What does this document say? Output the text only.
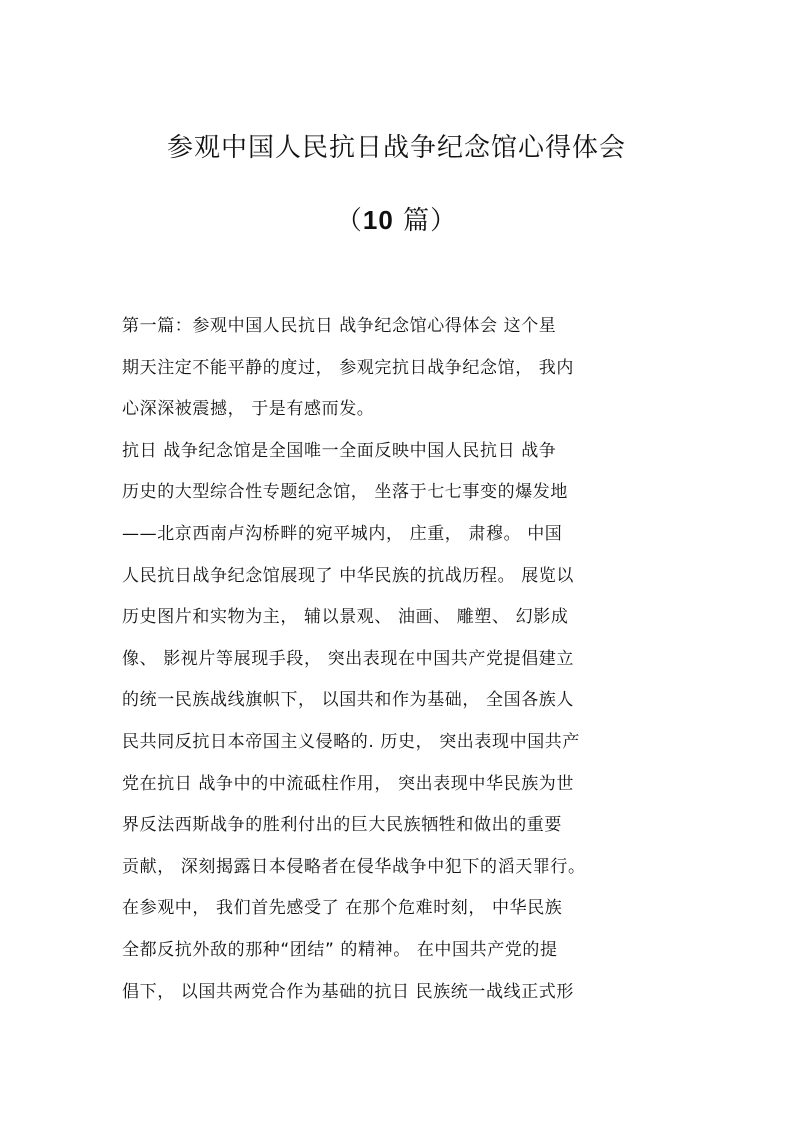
参观中国人民抗日战争纪念馆心得体会
（10 篇）
第一篇：参观中国人民抗日 战争纪念馆心得体会 这个星
期天注定不能平静的度过， 参观完抗日战争纪念馆， 我内
心深深被震撼， 于是有感而发。
抗日 战争纪念馆是全国唯一全面反映中国人民抗日 战争
历史的大型综合性专题纪念馆， 坐落于七七事变的爆发地
——北京西南卢沟桥畔的宛平城内， 庄重， 肃穆。 中国
人民抗日战争纪念馆展现了 中华民族的抗战历程。 展览以
历史图片和实物为主， 辅以景观、 油画、 雕塑、 幻影成
像、 影视片等展现手段， 突出表现在中国共产党提倡建立
的统一民族战线旗帜下， 以国共和作为基础， 全国各族人
民共同反抗日本帝国主义侵略的. 历史， 突出表现中国共产
党在抗日 战争中的中流砥柱作用， 突出表现中华民族为世
界反法西斯战争的胜利付出的巨大民族牺牲和做出的重要
贡献， 深刻揭露日本侵略者在侵华战争中犯下的滔天罪行。
在参观中， 我们首先感受了 在那个危难时刻， 中华民族
全都反抗外敌的那种“团结” 的精神。 在中国共产党的提
倡下， 以国共两党合作为基础的抗日 民族统一战线正式形
